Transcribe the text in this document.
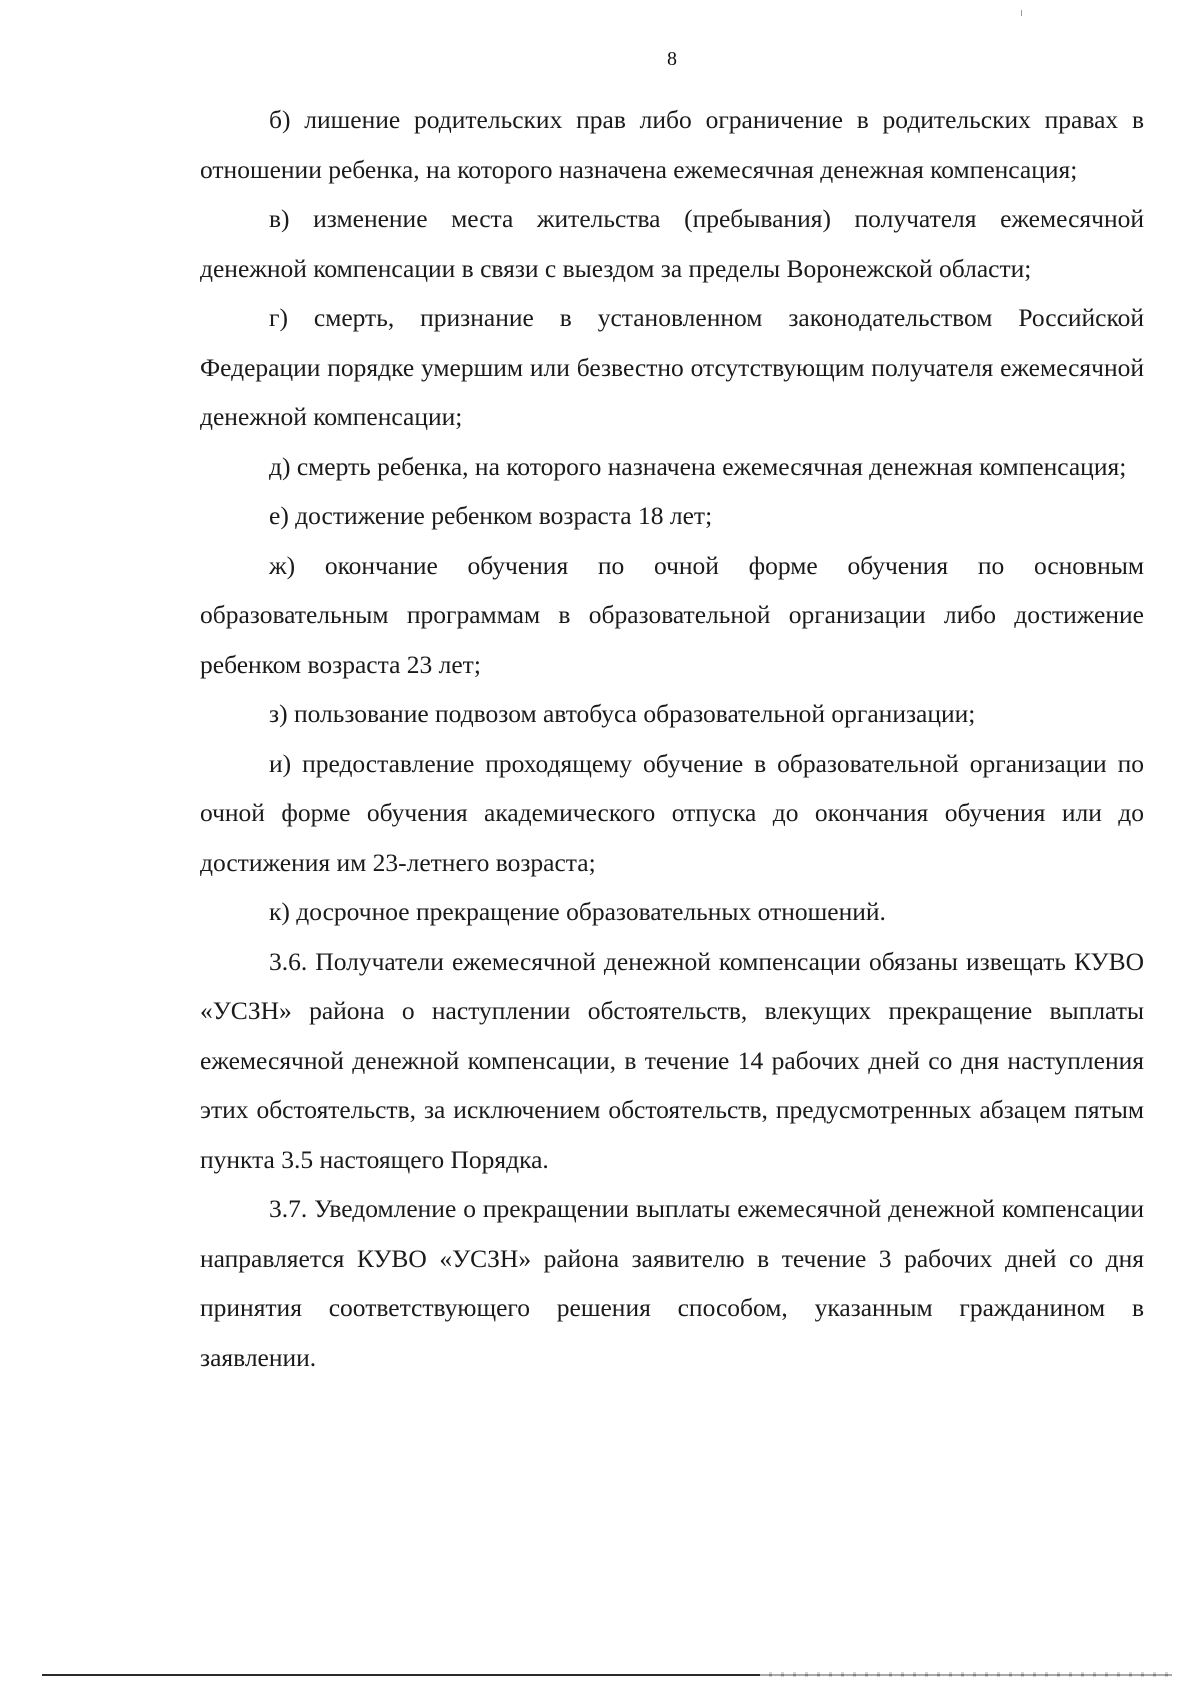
8

б) лишение родительских прав либо ограничение в родительских правах в отношении ребенка, на которого назначена ежемесячная денежная компенсация;

в) изменение места жительства (пребывания) получателя ежемесячной денежной компенсации в связи с выездом за пределы Воронежской области;

г) смерть, признание в установленном законодательством Российской Федерации порядке умершим или безвестно отсутствующим получателя ежемесячной денежной компенсации;

д) смерть ребенка, на которого назначена ежемесячная денежная компенсация;

е) достижение ребенком возраста 18 лет;

ж) окончание обучения по очной форме обучения по основным образовательным программам в образовательной организации либо достижение ребенком возраста 23 лет;

з) пользование подвозом автобуса образовательной организации;

и) предоставление проходящему обучение в образовательной организации по очной форме обучения академического отпуска до окончания обучения или до достижения им 23-летнего возраста;

к) досрочное прекращение образовательных отношений.

3.6. Получатели ежемесячной денежной компенсации обязаны извещать КУВО «УСЗН» района о наступлении обстоятельств, влекущих прекращение выплаты ежемесячной денежной компенсации, в течение 14 рабочих дней со дня наступления этих обстоятельств, за исключением обстоятельств, предусмотренных абзацем пятым пункта 3.5 настоящего Порядка.

3.7. Уведомление о прекращении выплаты ежемесячной денежной компенсации направляется КУВО «УСЗН» района заявителю в течение 3 рабочих дней со дня принятия соответствующего решения способом, указанным гражданином в заявлении.
